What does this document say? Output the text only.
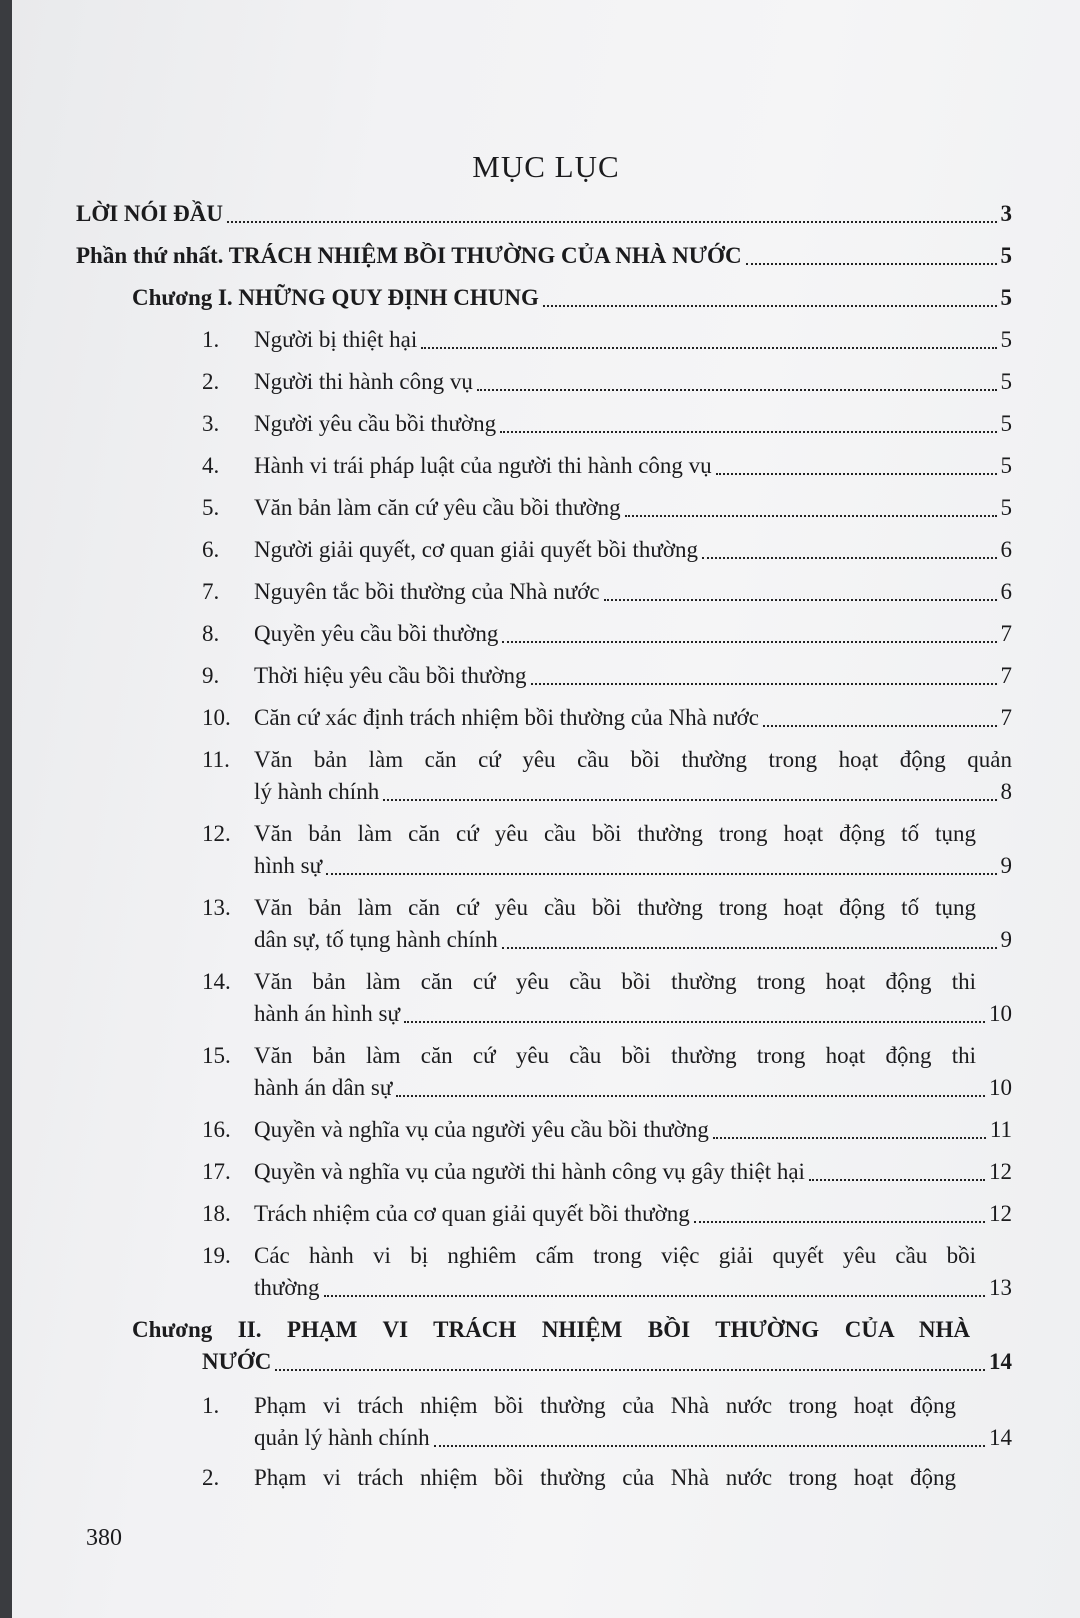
MỤC LỤC
LỜI NÓI ĐẦU	3
Phần thứ nhất. TRÁCH NHIỆM BỒI THƯỜNG CỦA NHÀ NƯỚC	5
Chương I. NHỮNG QUY ĐỊNH CHUNG	5
1.	Người bị thiệt hại	5
2.	Người thi hành công vụ	5
3.	Người yêu cầu bồi thường	5
4.	Hành vi trái pháp luật của người thi hành công vụ	5
5.	Văn bản làm căn cứ yêu cầu bồi thường	5
6.	Người giải quyết, cơ quan giải quyết bồi thường	6
7.	Nguyên tắc bồi thường của Nhà nước	6
8.	Quyền yêu cầu bồi thường	7
9.	Thời hiệu yêu cầu bồi thường	7
10.	Căn cứ xác định trách nhiệm bồi thường của Nhà nước	7
11. Văn bản làm căn cứ yêu cầu bồi thường trong hoạt động quản
lý hành chính	8
12. Văn bản làm căn cứ yêu cầu bồi thường trong hoạt động tố tụng
hình sự	9
13. Văn bản làm căn cứ yêu cầu bồi thường trong hoạt động tố tụng
dân sự, tố tụng hành chính	9
14. Văn bản làm căn cứ yêu cầu bồi thường trong hoạt động thi
hành án hình sự	10
15. Văn bản làm căn cứ yêu cầu bồi thường trong hoạt động thi
hành án dân sự	10
16.	Quyền và nghĩa vụ của người yêu cầu bồi thường	11
17.	Quyền và nghĩa vụ của người thi hành công vụ gây thiệt hại	12
18.	Trách nhiệm của cơ quan giải quyết bồi thường	12
19. Các hành vi bị nghiêm cấm trong việc giải quyết yêu cầu bồi
thường	13
Chương II. PHẠM VI TRÁCH NHIỆM BỒI THƯỜNG CỦA NHÀ
NƯỚC	14
1. Phạm vi trách nhiệm bồi thường của Nhà nước trong hoạt động
quản lý hành chính	14
2. Phạm vi trách nhiệm bồi thường của Nhà nước trong hoạt động
380
